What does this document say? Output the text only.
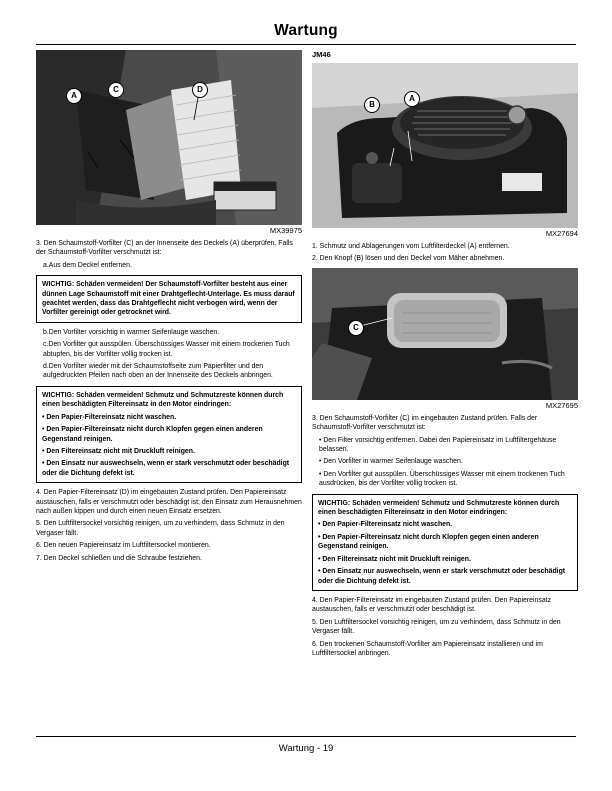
Wartung
A
C	D
MX39975

3. Den Schaumstoff-Vorfilter (C) an der Innenseite des Deckels (A) überprüfen. Falls der Schaumstoff-Vorfilter verschmutzt ist:

a.Aus dem Deckel entfernen.

WICHTIG: Schäden vermeiden! Der Schaumstoff-Vorfilter besteht aus einer dünnen Lage Schaumstoff mit einer Drahtgeflecht-Unterlage. Es muss darauf geachtet werden, dass das Drahtgeflecht nicht verbogen wird, wenn der Vorfilter gereinigt oder getrocknet wird.

b.Den Vorfilter vorsichtig in warmer Seifenlauge waschen.

c.Den Vorfilter gut ausspülen. Überschüssiges Wasser mit einem trockenen Tuch abtupfen, bis der Vorfilter völlig trocken ist.

d.Den Vorfilter wieder mit der Schaumstoffseite zum Papierfilter und den aufgedruckten Pfeilen nach oben an der Innenseite des Deckels anbringen.

WICHTIG: Schäden vermeiden! Schmutz und Schmutzreste können durch einen beschädigten Filtereinsatz in den Motor eindringen:

• Den Papier-Filtereinsatz nicht waschen.

• Den Papier-Filtereinsatz nicht durch Klopfen gegen einen anderen Gegenstand reinigen.

• Den Filtereinsatz nicht mit Druckluft reinigen.

• Den Einsatz nur auswechseln, wenn er stark verschmutzt oder beschädigt oder die Dichtung defekt ist.

4. Den Papier-Filtereinsatz (D) im eingebauten Zustand prüfen. Den Papiereinsatz austauschen, falls er verschmutzt oder beschädigt ist; den Einsatz zum Herausnehmen nach außen kippen und durch einen neuen Einsatz ersetzen.

5. Den Luftfiltersockel vorsichtig reinigen, um zu verhindern, dass Schmutz in den Vergaser fällt.

6. Den neuen Papiereinsatz im Luftfiltersockel montieren.

7. Den Deckel schließen und die Schraube festziehen.

JM46
B
A
MX27694

1. Schmutz und Ablagerungen vom Luftfilterdeckel (A) entfernen.

2. Den Knopf (B) lösen und den Deckel vom Mäher abnehmen.

C
MX27695

3. Den Schaumstoff-Vorfilter (C) im eingebauten Zustand prüfen. Falls der Schaumstoff-Vorfilter verschmutzt ist:

• Den Filter vorsichtig entfernen. Dabei den Papiereinsatz im Luftfiltergehäuse belassen.

• Den Vorfilter in warmer Seifenlauge waschen.

• Den Vorfilter gut ausspülen. Überschüssiges Wasser mit einem trockenen Tuch ausdrücken, bis der Vorfilter völlig trocken ist.

WICHTIG: Schäden vermeiden! Schmutz und Schmutzreste können durch einen beschädigten Filtereinsatz in den Motor eindringen:

• Den Papier-Filtereinsatz nicht waschen.

• Den Papier-Filtereinsatz nicht durch Klopfen gegen einen anderen Gegenstand reinigen.

• Den Filtereinsatz nicht mit Druckluft reinigen.

• Den Einsatz nur auswechseln, wenn er stark verschmutzt oder beschädigt oder die Dichtung defekt ist.

4. Den Papier-Filtereinsatz im eingebauten Zustand prüfen. Den Papiereinsatz austauschen, falls er verschmutzt oder beschädigt ist.

5. Den Luftfiltersockel vorsichtig reinigen, um zu verhindern, dass Schmutz in den Vergaser fällt.

6. Den trockenen Schaumstoff-Vorfilter am Papiereinsatz installieren und im Luftfiltersockel anbringen.

Wartung - 19
